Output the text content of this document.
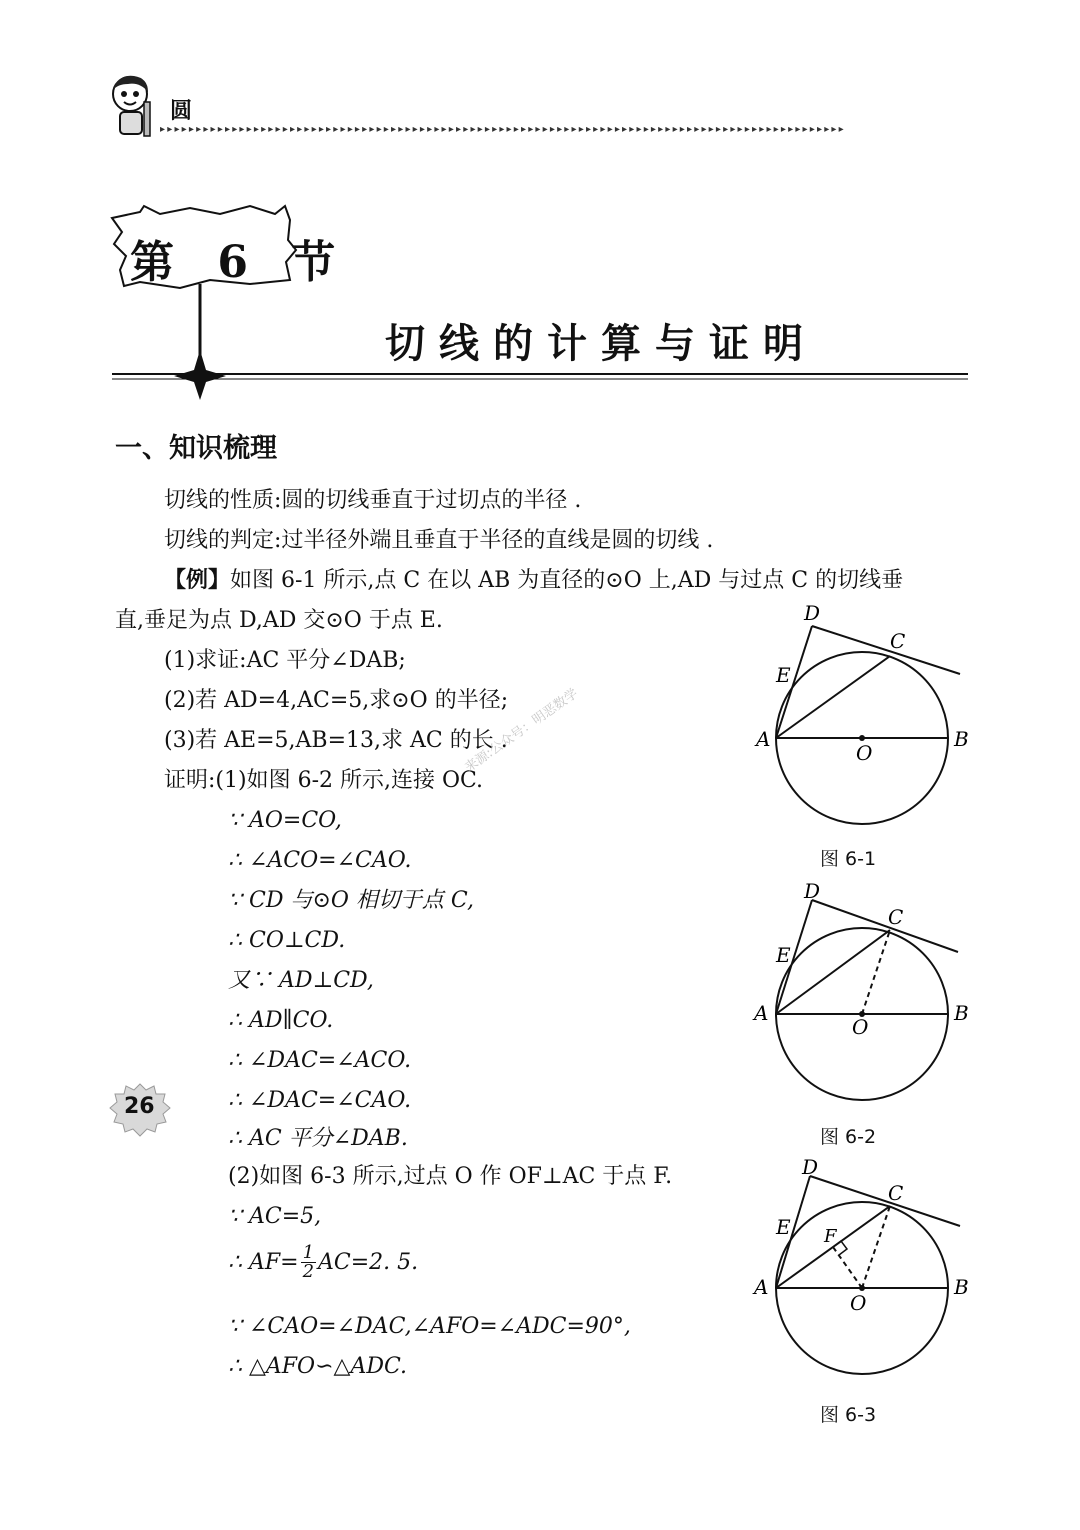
圆
▸▸▸▸▸▸▸▸▸▸▸▸▸▸▸▸▸▸▸▸▸▸▸▸▸▸▸▸▸▸▸▸▸▸▸▸▸▸▸▸▸▸▸▸▸▸▸▸▸▸▸▸▸▸▸▸▸▸▸▸▸▸▸▸▸▸▸▸▸▸▸▸▸▸▸▸▸▸▸▸▸▸▸▸▸▸▸▸▸▸▸▸▸▸▸
第 6 节
切线的计算与证明
一、知识梳理
切线的性质:圆的切线垂直于过切点的半径 .
切线的判定:过半径外端且垂直于半径的直线是圆的切线 .
【例】如图 6-1 所示,点 C 在以 AB 为直径的⊙O 上,AD 与过点 C 的切线垂
直,垂足为点 D,AD 交⊙O 于点 E.
(1)求证:AC 平分∠DAB;
(2)若 AD=4,AC=5,求⊙O 的半径;
(3)若 AE=5,AB=13,求 AC 的长 .
证明:(1)如图 6-2 所示,连接 OC.
∵ AO=CO,
∴ ∠ACO=∠CAO.
∵ CD 与⊙O 相切于点 C,
∴ CO⊥CD.
又∵ AD⊥CD,
∴ AD∥CO.
∴ ∠DAC=∠ACO.
∴ ∠DAC=∠CAO.
∴ AC 平分∠DAB.
(2)如图 6-3 所示,过点 O 作 OF⊥AC 于点 F.
∵ AC=5,
∴ $AF= \frac{1}{2} AC=2$. 5.
∵ ∠CAO=∠DAC,∠AFO=∠ADC=90°,
∴ △AFO∽△ADC.
来源:公众号：明恶数学
D
C
E
A
O
B
图 6-1
D
C
E
A
O
B
图 6-2
D
C
E F
A
O
B
图 6-3
26
